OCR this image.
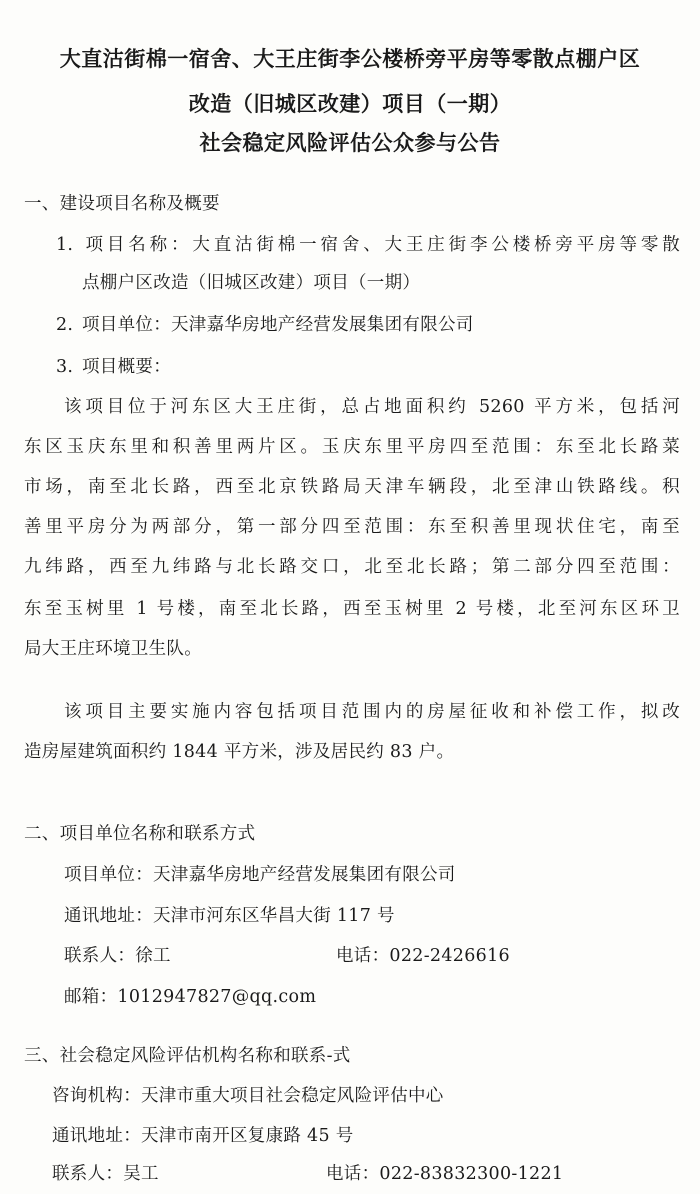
大直沽街棉一宿舍、大王庄街李公楼桥旁平房等零散点棚户区
改造（旧城区改建）项目（一期）
社会稳定风险评估公众参与公告

一、建设项目名称及概要

1. 项目名称：大直沽街棉一宿舍、大王庄街李公楼桥旁平房等零散

点棚户区改造（旧城区改建）项目（一期）

2. 项目单位：天津嘉华房地产经营发展集团有限公司

3. 项目概要：

该项目位于河东区大王庄街，总占地面积约 5260 平方米，包括河

东区玉庆东里和积善里两片区。玉庆东里平房四至范围：东至北长路菜

市场，南至北长路，西至北京铁路局天津车辆段，北至津山铁路线。积

善里平房分为两部分，第一部分四至范围：东至积善里现状住宅，南至

九纬路，西至九纬路与北长路交口，北至北长路；第二部分四至范围：

东至玉树里 1 号楼，南至北长路，西至玉树里 2 号楼，北至河东区环卫

局大王庄环境卫生队。

该项目主要实施内容包括项目范围内的房屋征收和补偿工作，拟改

造房屋建筑面积约 1844 平方米，涉及居民约 83 户。

二、项目单位名称和联系方式

项目单位：天津嘉华房地产经营发展集团有限公司

通讯地址：天津市河东区华昌大街 117 号

联系人：徐工	电话：022-2426616

邮箱：1012947827@qq.com

三、社会稳定风险评估机构名称和联系-式

咨询机构：天津市重大项目社会稳定风险评估中心

通讯地址：天津市南开区复康路 45 号

联系人：吴工	电话：022-83832300-1221
